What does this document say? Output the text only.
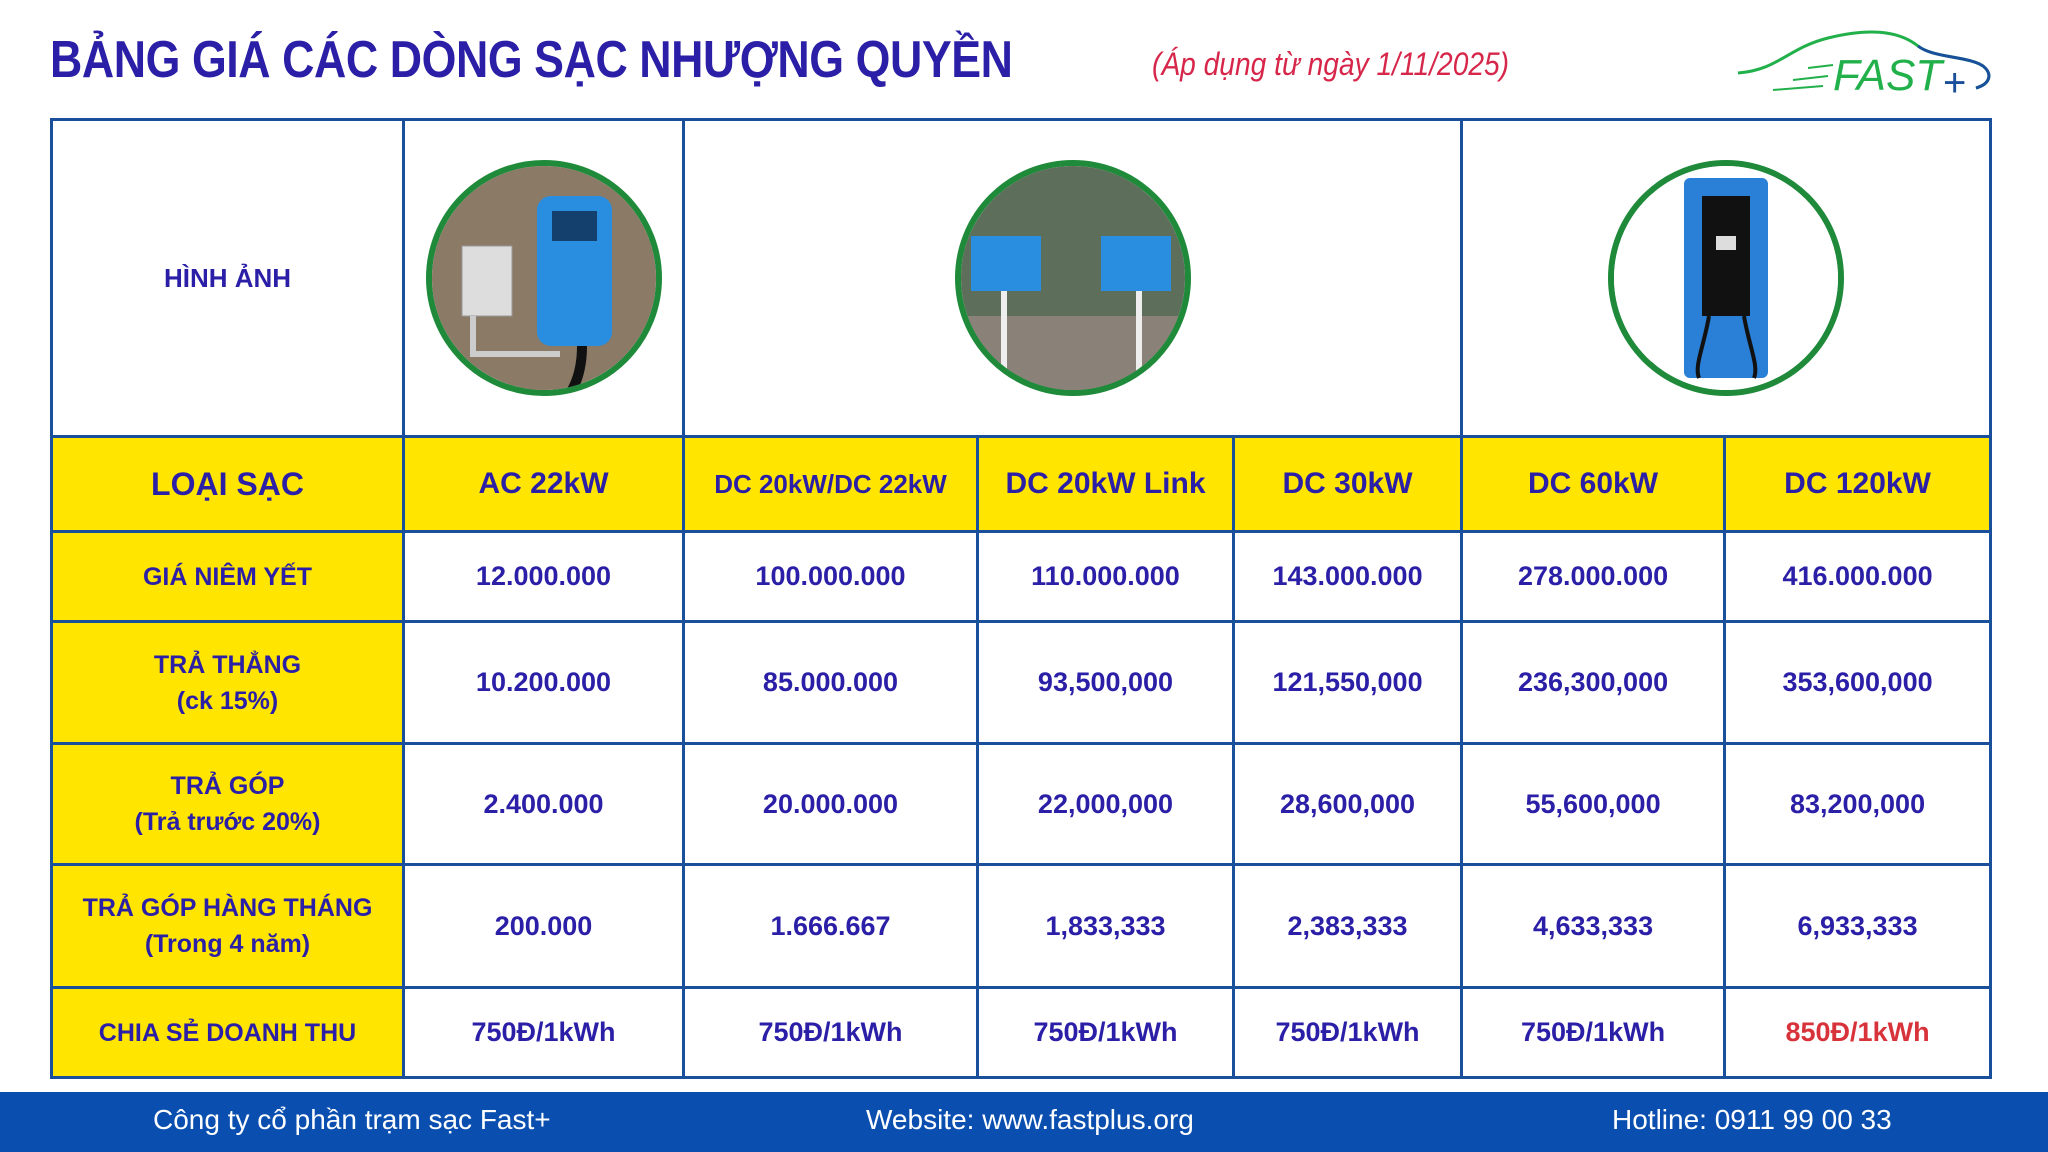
BẢNG GIÁ CÁC DÒNG SẠC NHƯỢNG QUYỀN	(Áp dụng từ ngày 1/11/2025)	FAST +
HÌNH ẢNH	

LOẠI SẠC	AC 22kW	DC 20kW/DC 22kW	DC 20kW Link	DC 30kW	DC 60kW	DC 120kW
GIÁ NIÊM YẾT	12.000.000	100.000.000	110.000.000	143.000.000	278.000.000	416.000.000
TRẢ THẲNG
(ck 15%)	10.200.000	85.000.000	93,500,000	121,550,000	236,300,000	353,600,000
TRẢ GÓP
(Trả trước 20%)	2.400.000	20.000.000	22,000,000	28,600,000	55,600,000	83,200,000
TRẢ GÓP HÀNG THÁNG
(Trong 4 năm)	200.000	1.666.667	1,833,333	2,383,333	4,633,333	6,933,333
CHIA SẺ DOANH THU	750Đ/1kWh	750Đ/1kWh	750Đ/1kWh	750Đ/1kWh	750Đ/1kWh	850Đ/1kWh
Công ty cổ phần trạm sạc Fast+	Website: www.fastplus.org	Hotline: 0911 99 00 33
